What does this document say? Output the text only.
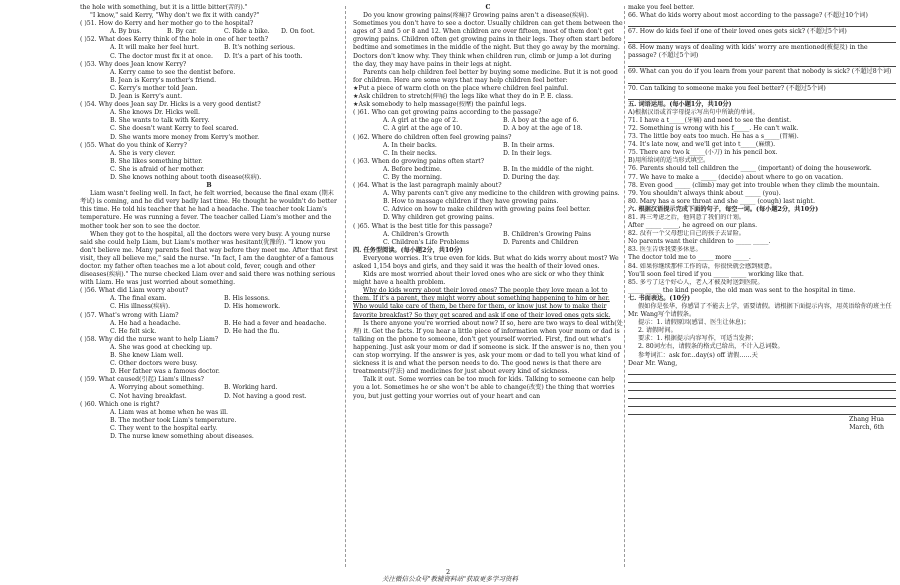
the hole with something, but it is a little bitter(苦的)."

"I know," said Kerry, "Why don't we fix it with candy?"

( )51. How do Kerry and her mother go to the hospital?

A. By bus.	B. By car.	C. Ride a bike.	D. On foot.

( )52. What does Kerry think of the hole in one of her teeth?

A. It will make her feel hurt.	B. It's nothing serious.
C. The doctor must fix it at once.	D. It's a part of his tooth.

( )53. Why does Jean know Kerry?

A. Kerry came to see the dentist before.

B. Jean is Kerry's mother's friend.

C. Kerry's mother told Jean.

D. Jean is Kerry's aunt.

( )54. Why does Jean say Dr. Hicks is a very good dentist?

A. She knows Dr. Hicks well.

B. She wants to talk with Kerry.

C. She doesn't want Kerry to feel scared.

D. She wants more money from Kerry's mother.

( )55. What do you think of Kerry?

A. She is very clever.

B. She likes something bitter.

C. She is afraid of her mother.

D. She knows nothing about tooth disease(疾病).

B

Liam wasn't feeling well. In fact, he felt worried, because the final exam (期末考试) is coming, and he did very badly last time. He thought he wouldn't do better this time. He told his teacher that he had a headache. The teacher took Liam's temperature. He was running a fever. The teacher called Liam's mother and the mother took her son to see the doctor.

When they got to the hospital, all the doctors were very busy. A young nurse said she could help Liam, but Liam's mother was hesitant(犹豫的). "I know you don't believe me. Many parents feel that way before they meet me. After that first visit, they all believe me," said the nurse. "In fact, I am the daughter of a famous doctor. my father often teaches me a lot about cold, fever, cough and other diseases(疾病)." The nurse checked Liam over and said there was nothing serious with Liam. He was just worried about something.

( )56. What did Liam worry about?

A. The final exam.	B. His lessons.
C. His illness(疾病).	D. His homework.

( )57. What's wrong with Liam?

A. He had a headache.	B. He had a fever and headache.
C. He felt sick.	D. He had the flu.

( )58. Why did the nurse want to help Liam?

A. She was good at checking up.

B. She knew Liam well.

C. Other doctors were busy.

D. Her father was a famous doctor.

( )59. What caused(引起) Liam's illness?

A. Worrying about something.	B. Working hard.
C. Not having breakfast.	D. Not having a good rest.

( )60. Which one is right?

A. Liam was at home when he was ill.

B. The mother took Liam's temperature.

C. They went to the hospital early.

D. The nurse knew something about diseases.

C

Do you know growing pains(疼痛)? Growing pains aren't a disease(疾病). Sometimes you don't have to see a doctor. Usually children can get them between the ages of 3 and 5 or 8 and 12. When children are over fifteen, most of them don't get growing pains. Children often get growing pains in their legs. They often start before bedtime and sometimes in the middle of the night. But they go away by the morning. Doctors don't know why. They think when children run, climb or jump a lot during the day, they may have pains in their legs at night.

Parents can help children feel better by buying some medicine. But it is not good for children. Here are some ways that may help children feel better:

★Put a piece of warm cloth on the place where children feel painful.

★Ask children to stretch(伸展) the legs like what they do in P. E. class.

★Ask somebody to help massage(按摩) the painful legs.

( )61. Who can get growing pains according to the passage?

A. A girl at the age of 2.	B. A boy at the age of 6.
C. A girl at the age of 10.	D. A boy at the age of 18.

( )62. Where do children often feel growing pains?

A. In their backs.	B. In their arms.
C. In their necks.	D. In their legs.

( )63. When do growing pains often start?

A. Before bedtime.	B. In the middle of the night.
C. By the morning.	D. During the day.

( )64. What is the last paragraph mainly about?

A. Why parents can't give any medicine to the children with growing pains.

B. How to massage children if they have growing pains.

C. Advice on how to make children with growing pains feel better.

D. Why children get growing pains.

( )65. What is the best title for this passage?

A. Children's Growth	B. Children's Growing Pains
C. Children's Life Problems	D. Parents and Children

四. 任务型阅读。(每小题2分，共10分)

Everyone worries. It's true even for kids. But what do kids worry about most? We asked 1,154 boys and girls, and they said it was the health of their loved ones.

Kids are most worried about their loved ones who are sick or who they think might have a health problem.

Why do kids worry about their loved ones? The people they love mean a lot to them. If it's a parent, they might worry about something happening to him or her. Who would take care of them, be there for them, or know just how to make their favorite breakfast? So they get scared and ask if one of their loved ones gets sick.

Is there anyone you're worried about now? If so, here are two ways to deal with(处理) it. Get the facts. If you hear a little piece of information when your mom or dad is talking on the phone to someone, don't get yourself worried. First, find out what's happening. Just ask your mom or dad if someone is sick. If the answer is no, then you can stop worrying. If the answer is yes, ask your mom or dad to tell you what kind of sickness it is and what the person needs to do. The good news is that there are treatments(疗法) and medicines for just about every kind of sickness.

Talk it out. Some worries can be too much for kids. Talking to someone can help you a lot. Sometimes he or she won't be able to change(改变) the thing that worries you, but just getting your worries out of your heart and can

make you feel better.

66. What do kids worry about most according to the passage? (不超过10个词)

67. How do kids feel if one of their loved ones gets sick? (不超过5个词)

68. How many ways of dealing with kids' worry are mentioned(被提及) in the passage? (不超过5个词)

69. What can you do if you learn from your parent that nobody is sick? (不超过8个词)

70. Can talking to someone make you feel better? (不超过5个词)

五. 词语运用。(每小题1分，共10分)

A)根据汉语或首字母提示写出句中所缺的单词。

71. I have a t_____(牙痛) and need to see the dentist.

72. Something is wrong with his f_____. He can't walk.

73. The little boy eats too much. He has a s_____(胃痛).

74. It's late now, and we'll get into t_____(麻烦).

75. There are two k_____(小刀) in his pencil box.

B)用所给词的适当形式填空。

76. Parents should tell children the _____ (important) of doing the housework.

77. We have to make a _____ (decide) about where to go on vacation.

78. Even good _____ (climb) may get into trouble when they climb the mountain.

79. You shouldn't always think about _____ (you).

80. Mary has a sore throat and she _____ (cough) last night.

六. 根据汉语提示完成下面的句子，每空一词。(每小题2分，共10分)

81. 再三考虑之后，他同意了我们的计划。

After _____ _____, he agreed on our plans.

82. 没有一个父母想让自己的孩子去冒险。

No parents want their children to _____ _____.

83. 医生告诉我要多休息。

The doctor told me to _____ more _____.

84. 如果你继续那样工作的话，你很快就会感到疲惫。

You'll soon feel tired if you _____ _____ working like that.

85. 多亏了这个好心人，老人才被及时送到医院。

_____ _____ the kind people, the old man was sent to the hospital in time.

七. 书面表达。(10分)

假如你是张华，你感冒了不能去上学，需要请假。请根据下面提示内容，用英语给你的班主任Mr. Wang写个请假条。

提示：1. 请假原因(感冒、医生让休息)；

2. 请假时间。

要求：1. 根据提示内容写作，可适当发挥；

2. 80词左右，请假条的格式已给出，不计入总词数。

参考词汇：ask for...day(s) off 请假……天

Dear Mr. Wang,

Zhang Hua

March, 6th

2
关注微信公众号"教辅资料站"获取更多学习资料
